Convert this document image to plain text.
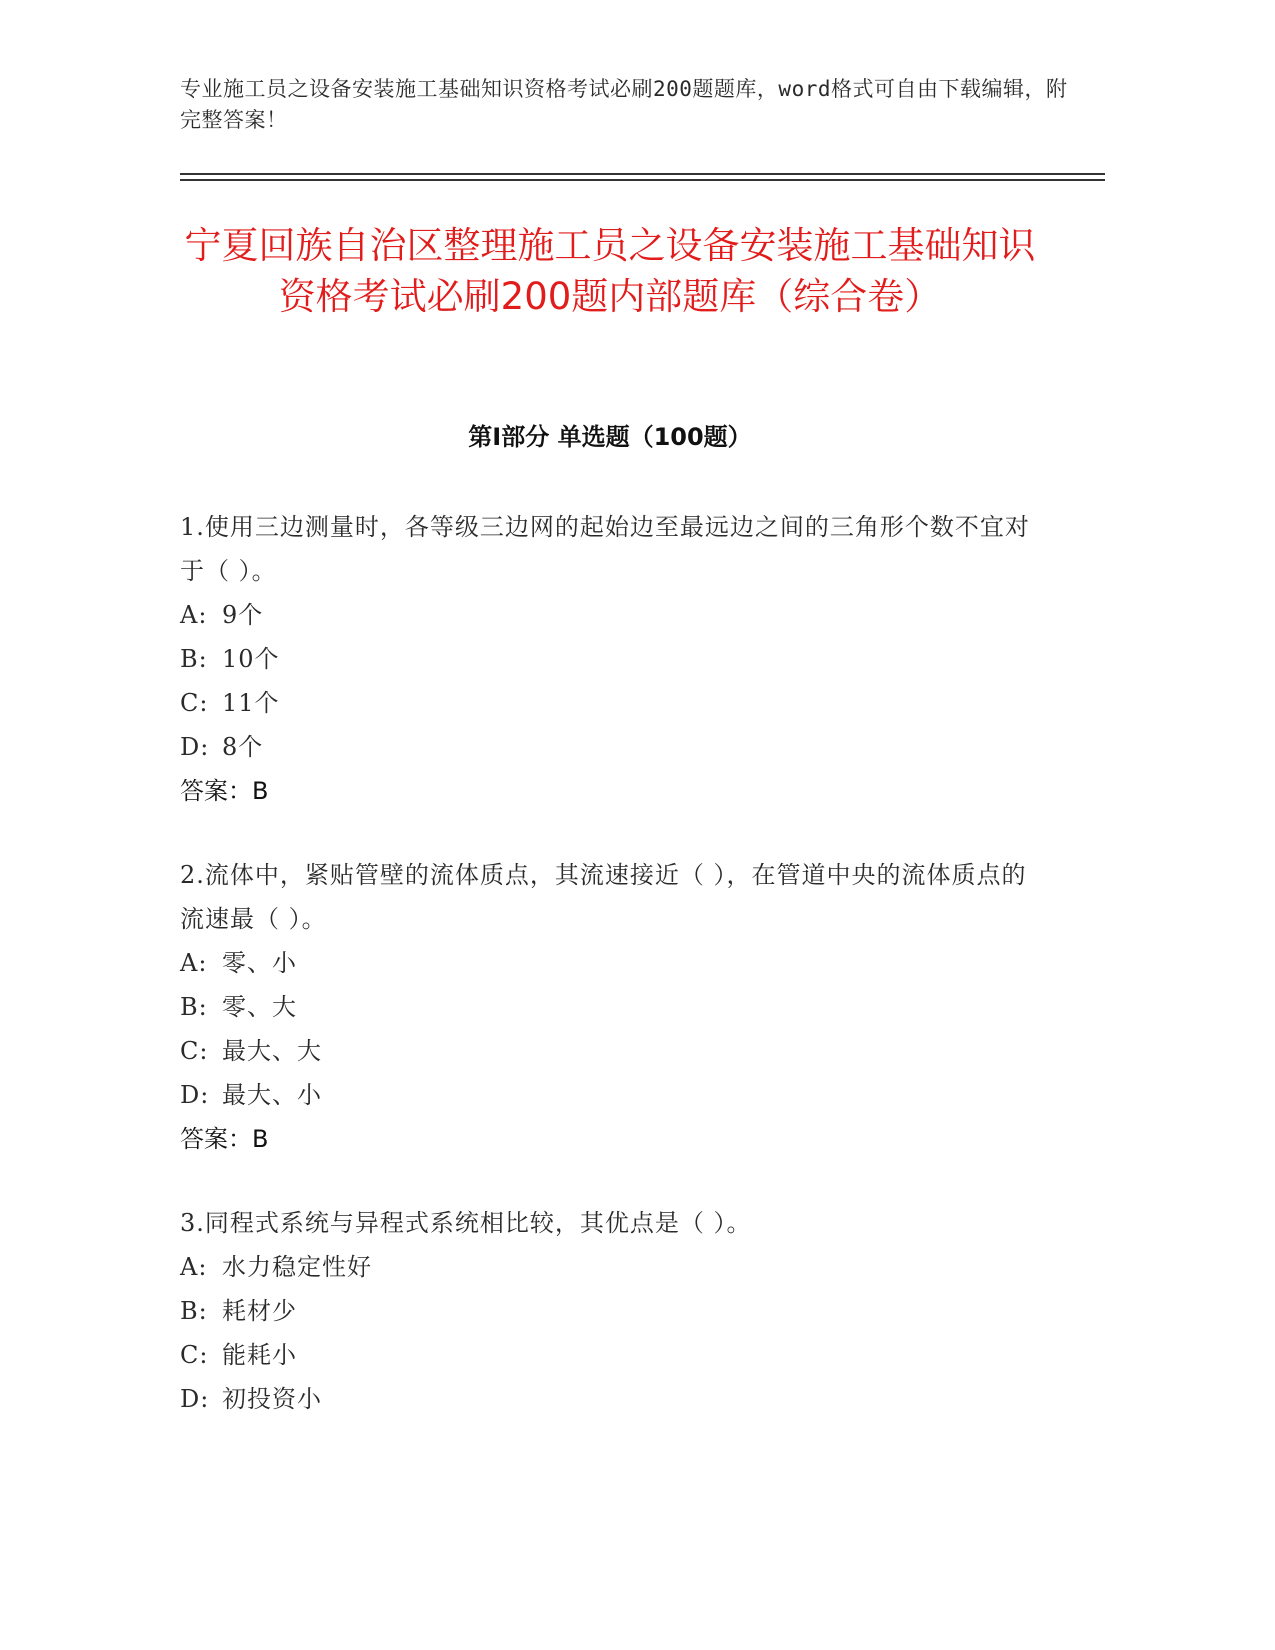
专业施工员之设备安装施工基础知识资格考试必刷200题题库，word格式可自由下载编辑，附完整答案！
宁夏回族自治区整理施工员之设备安装施工基础知识资格考试必刷200题内部题库（综合卷）
第I部分 单选题（100题）

1.使用三边测量时，各等级三边网的起始边至最远边之间的三角形个数不宜对于（ ）。

A: 9个
B: 10个
C: 11个
D: 8个
答案：B

2.流体中，紧贴管壁的流体质点，其流速接近（ ），在管道中央的流体质点的流速最（ ）。

A: 零、小
B: 零、大
C: 最大、大
D: 最大、小
答案：B

3.同程式系统与异程式系统相比较，其优点是（ ）。

A: 水力稳定性好
B: 耗材少
C: 能耗小
D: 初投资小
